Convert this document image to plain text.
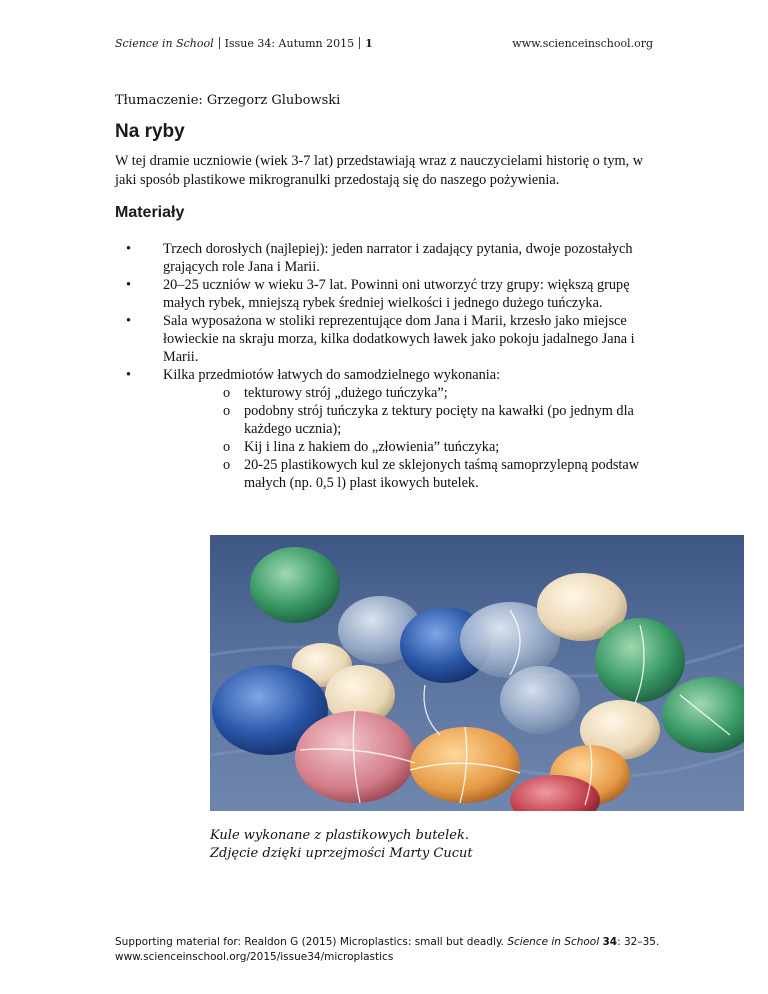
Science in School Issue 34: Autumn 2015 1	www.scienceinschool.org
Tłumaczenie: Grzegorz Glubowski
Na ryby

W tej dramie uczniowie (wiek 3-7 lat) przedstawiają wraz z nauczycielami historię o tym, w jaki sposób plastikowe mikrogranulki przedostają się do naszego pożywienia.

Materiały
• Trzech dorosłych (najlepiej): jeden narrator i zadający pytania, dwoje pozostałych grających role Jana i Marii.
• 20–25 uczniów w wieku 3-7 lat. Powinni oni utworzyć trzy grupy: większą grupę małych rybek, mniejszą rybek średniej wielkości i jednego dużego tuńczyka.
• Sala wyposażona w stoliki reprezentujące dom Jana i Marii, krzesło jako miejsce łowieckie na skraju morza, kilka dodatkowych ławek jako pokoju jadalnego Jana i Marii.
• Kilka przedmiotów łatwych do samodzielnego wykonania:
o tekturowy strój „dużego tuńczyka”;
o podobny strój tuńczyka z tektury pocięty na kawałki (po jednym dla każdego ucznia);
o Kij i lina z hakiem do „złowienia” tuńczyka;
o 20-25 plastikowych kul ze sklejonych taśmą samoprzylepną podstaw małych (np. 0,5 l) plast ikowych butelek.
Kule wykonane z plastikowych butelek.
Zdjęcie dzięki uprzejmości Marty Cucut
Supporting material for: Realdon G (2015) Microplastics: small but deadly. Science in School 34: 32–35. www.scienceinschool.org/2015/issue34/microplastics
